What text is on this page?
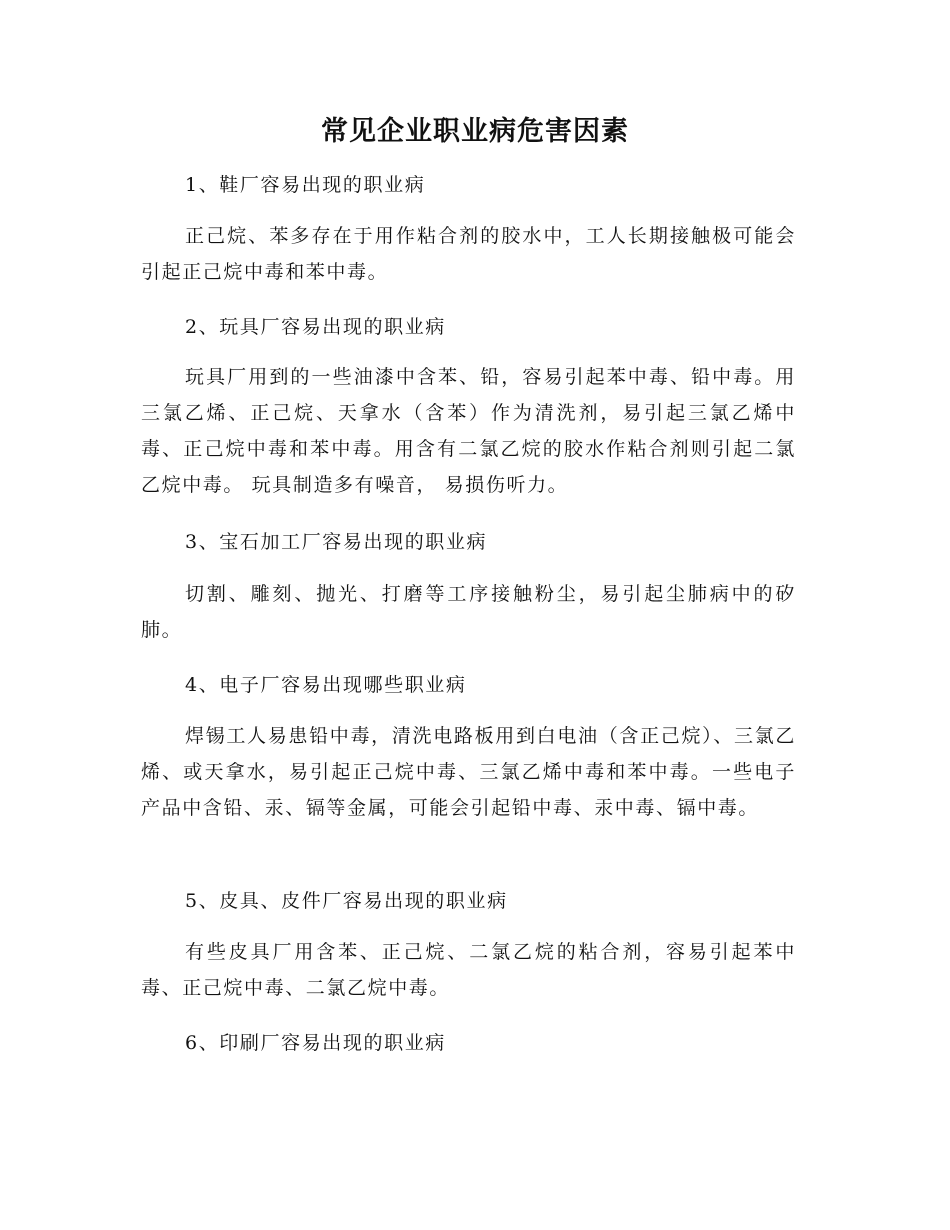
常见企业职业病危害因素
1、鞋厂容易出现的职业病
正己烷、苯多存在于用作粘合剂的胶水中，工人长期接触极可能会引起正己烷中毒和苯中毒。
2、玩具厂容易出现的职业病
玩具厂用到的一些油漆中含苯、铅，容易引起苯中毒、铅中毒。用三氯乙烯、正己烷、天拿水（含苯）作为清洗剂，易引起三氯乙烯中毒、正己烷中毒和苯中毒。用含有二氯乙烷的胶水作粘合剂则引起二氯乙烷中毒。 玩具制造多有噪音， 易损伤听力。
3、宝石加工厂容易出现的职业病
切割、雕刻、抛光、打磨等工序接触粉尘，易引起尘肺病中的矽肺。
4、电子厂容易出现哪些职业病
焊锡工人易患铅中毒，清洗电路板用到白电油（含正己烷）、三氯乙烯、或天拿水，易引起正己烷中毒、三氯乙烯中毒和苯中毒。一些电子产品中含铅、汞、镉等金属，可能会引起铅中毒、汞中毒、镉中毒。
5、皮具、皮件厂容易出现的职业病
有些皮具厂用含苯、正己烷、二氯乙烷的粘合剂，容易引起苯中毒、正己烷中毒、二氯乙烷中毒。
6、印刷厂容易出现的职业病
